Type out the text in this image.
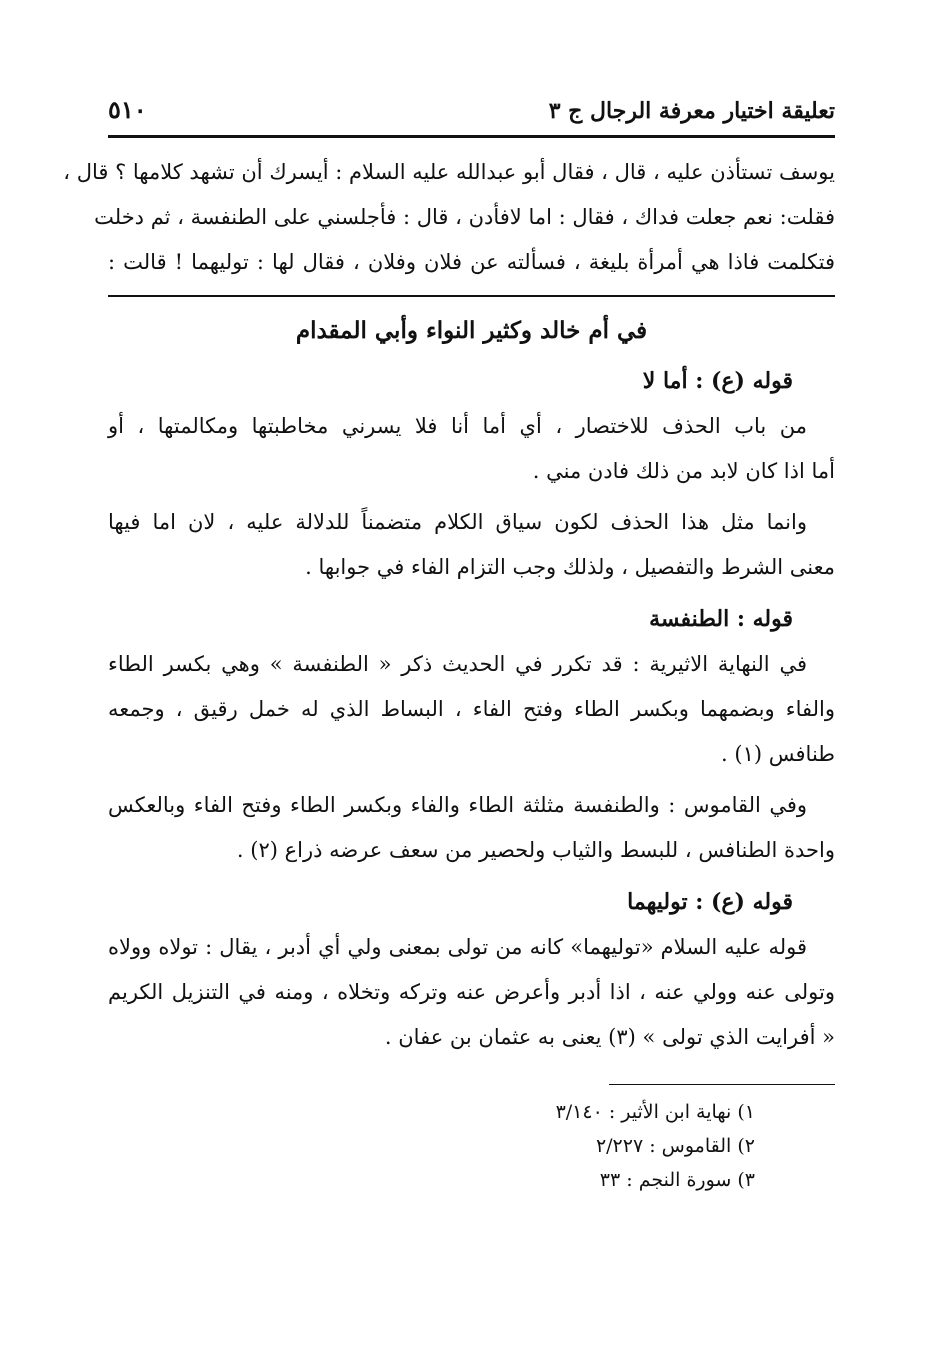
تعليقة اختيار معرفة الرجال ج ٣
٥١٠
يوسف تستأذن عليه ، قال ، فقال أبو عبدالله عليه السلام : أيسرك أن تشهد كلامها ؟ قال ،
فقلت: نعم جعلت فداك ، فقال : اما لافأدن ، قال : فأجلسني على الطنفسة ، ثم دخلت
فتكلمت فاذا هي أمرأة بليغة ، فسألته عن فلان وفلان ، فقال لها : توليهما ! قالت :
في أم خالد وكثير النواء وأبي المقدام
قوله (ع) : أما لا
من باب الحذف للاختصار ، أي أما أنا فلا يسرني مخاطبتها ومكالمتها ، أو
أما اذا كان لابد من ذلك فادن مني .
وانما مثل هذا الحذف لكون سياق الكلام متضمناً للدلالة عليه ، لان اما فيها
معنى الشرط والتفصيل ، ولذلك وجب التزام الفاء في جوابها .
قوله : الطنفسة
في النهاية الاثيرية : قد تكرر في الحديث ذكر « الطنفسة » وهي بكسر الطاء
والفاء وبضمهما وبكسر الطاء وفتح الفاء ، البساط الذي له خمل رقيق ، وجمعه
طنافس (١) .
وفي القاموس : والطنفسة مثلثة الطاء والفاء وبكسر الطاء وفتح الفاء وبالعكس
واحدة الطنافس ، للبسط والثياب ولحصير من سعف عرضه ذراع (٢) .
قوله (ع) : توليهما
قوله عليه السلام «توليهما» كانه من تولى بمعنى ولي أي أدبر ، يقال : تولاه وولاه
وتولى عنه وولي عنه ، اذا أدبر وأعرض عنه وتركه وتخلاه ، ومنه في التنزيل الكريم
« أفرايت الذي تولى » (٣) يعنى به عثمان بن عفان .
١) نهاية ابن الأثير : ٣/١٤٠
٢) القاموس : ٢/٢٢٧
٣) سورة النجم : ٣٣
